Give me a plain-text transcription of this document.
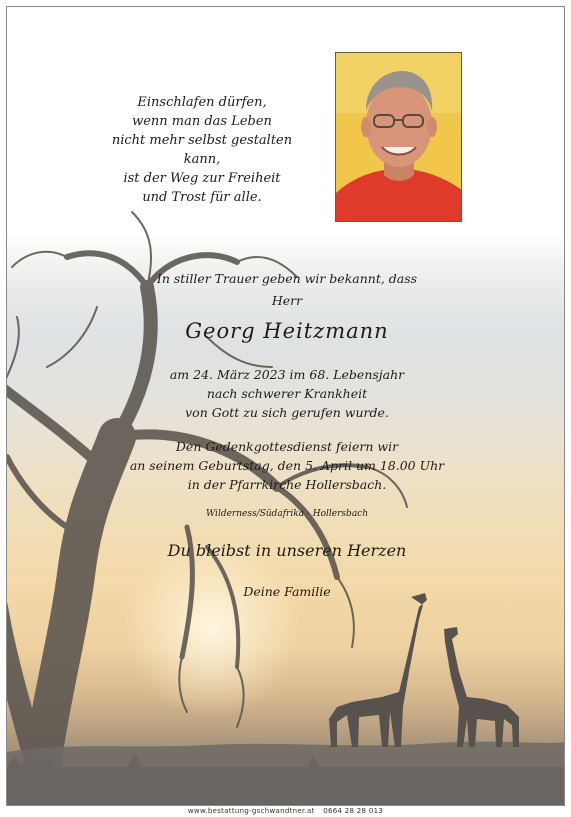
Einschlafen dürfen,
wenn man das Leben
nicht mehr selbst gestalten kann,
ist der Weg zur Freiheit
und Trost für alle.
In stiller Trauer geben wir bekannt, dass
Herr
Georg Heitzmann
am 24. März 2023 im 68. Lebensjahr
nach schwerer Krankheit
von Gott zu sich gerufen wurde.
Den Gedenkgottesdienst feiern wir
an seinem Geburtstag, den 5. April um 18.00 Uhr
in der Pfarrkirche Hollersbach.
Wilderness/Südafrika - Hollersbach
Du bleibst in unseren Herzen
Deine Familie
www.bestattung-gschwandtner.at 0664 28 28 013
